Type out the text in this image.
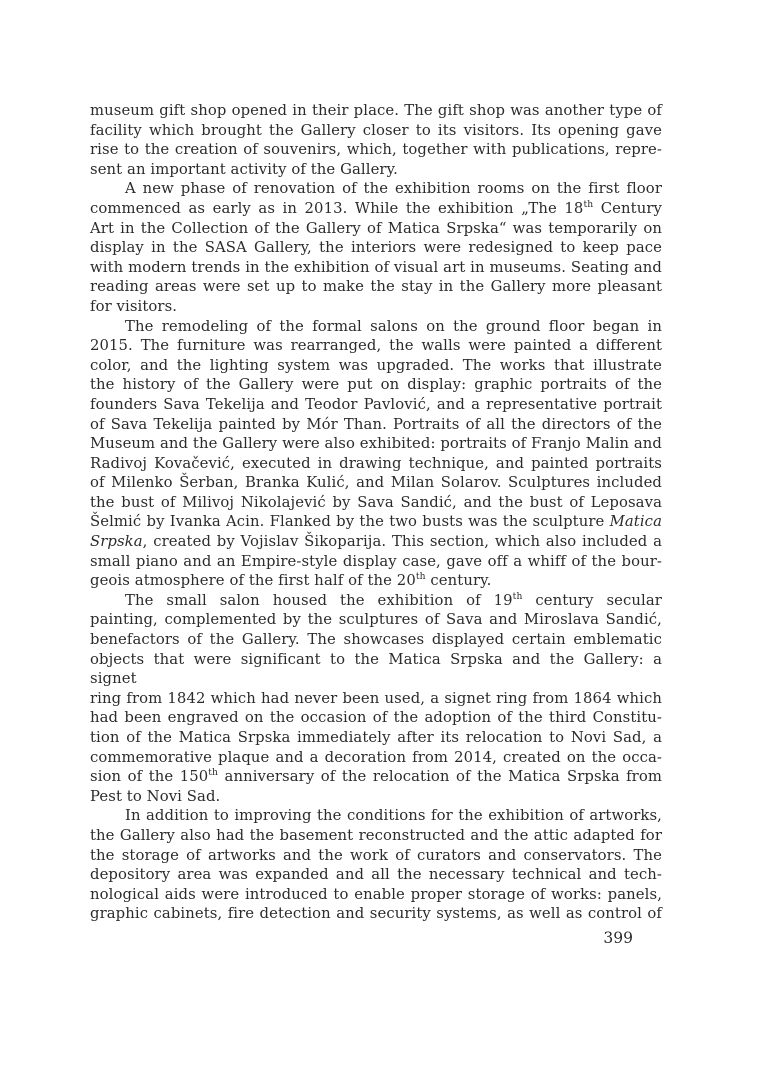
museum gift shop opened in their place. The gift shop was another type of
facility which brought the Gallery closer to its visitors. Its opening gave
rise to the creation of souvenirs, which, together with publications, repre-
sent an important activity of the Gallery.
A new phase of renovation of the exhibition rooms on the first floor
commenced as early as in 2013. While the exhibition „The 18th Century
Art in the Collection of the Gallery of Matica Srpska“ was temporarily on
display in the SASA Gallery, the interiors were redesigned to keep pace
with modern trends in the exhibition of visual art in museums. Seating and
reading areas were set up to make the stay in the Gallery more pleasant
for visitors.
The remodeling of the formal salons on the ground floor began in
2015. The furniture was rearranged, the walls were painted a different
color, and the lighting system was upgraded. The works that illustrate
the history of the Gallery were put on display: graphic portraits of the
founders Sava Tekelija and Teodor Pavlović, and a representative portrait
of Sava Tekelija painted by Mór Than. Portraits of all the directors of the
Museum and the Gallery were also exhibited: portraits of Franjo Malin and
Radivoj Kovačević, executed in drawing technique, and painted portraits
of Milenko Šerban, Branka Kulić, and Milan Solarov. Sculptures included
the bust of Milivoj Nikolajević by Sava Sandić, and the bust of Leposava
Šelmić by Ivanka Acin. Flanked by the two busts was the sculpture Matica
Srpska, created by Vojislav Šikoparija. This section, which also included a
small piano and an Empire-style display case, gave off a whiff of the bour-
geois atmosphere of the first half of the 20th century.
The small salon housed the exhibition of 19th century secular
painting, complemented by the sculptures of Sava and Miroslava Sandić,
benefactors of the Gallery. The showcases displayed certain emblematic
objects that were significant to the Matica Srpska and the Gallery: a signet
ring from 1842 which had never been used, a signet ring from 1864 which
had been engraved on the occasion of the adoption of the third Constitu-
tion of the Matica Srpska immediately after its relocation to Novi Sad, a
commemorative plaque and a decoration from 2014, created on the occa-
sion of the 150th anniversary of the relocation of the Matica Srpska from
Pest to Novi Sad.
In addition to improving the conditions for the exhibition of artworks,
the Gallery also had the basement reconstructed and the attic adapted for
the storage of artworks and the work of curators and conservators. The
depository area was expanded and all the necessary technical and tech-
nological aids were introduced to enable proper storage of works: panels,
graphic cabinets, fire detection and security systems, as well as control of
399
